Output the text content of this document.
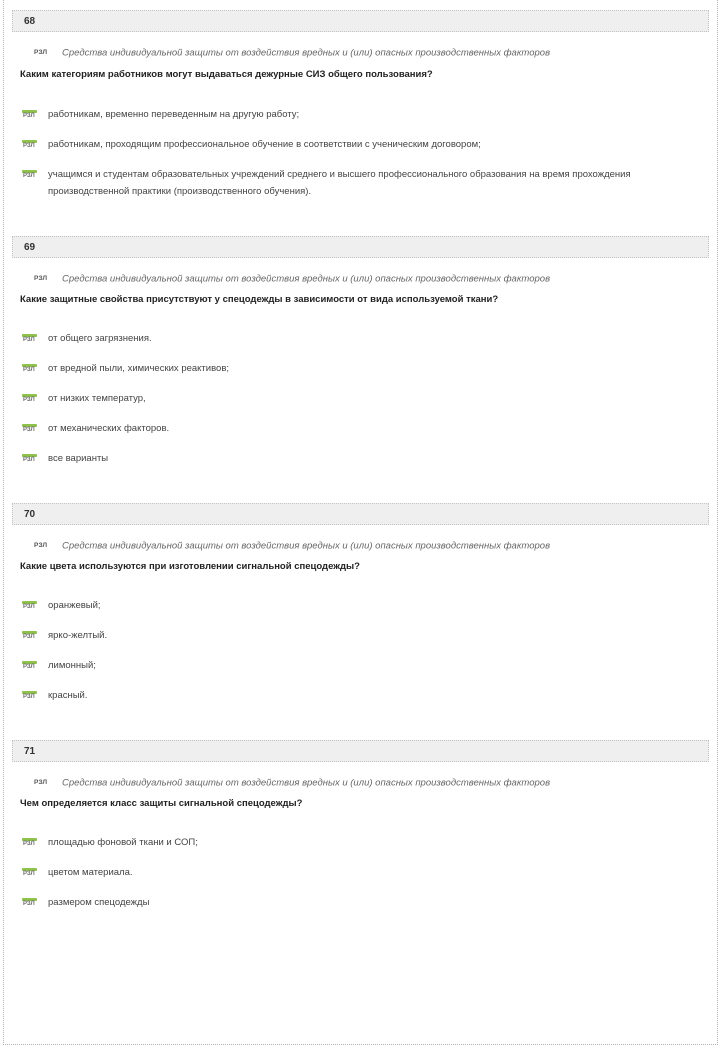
68
РЗЛ Средства индивидуальной защиты от воздействия вредных и (или) опасных производственных факторов
Каким категориям работников могут выдаваться дежурные СИЗ общего пользования?
РЗЛ работникам, временно переведенным на другую работу;
РЗЛ работникам, проходящим профессиональное обучение в соответствии с ученическим договором;
РЗЛ учащимся и студентам образовательных учреждений среднего и высшего профессионального образования на время прохождения производственной практики (производственного обучения).
69
РЗЛ Средства индивидуальной защиты от воздействия вредных и (или) опасных производственных факторов
Какие защитные свойства присутствуют у спецодежды в зависимости от вида используемой ткани?
РЗЛ от общего загрязнения.
РЗЛ от вредной пыли, химических реактивов;
РЗЛ от низких температур,
РЗЛ от механических факторов.
РЗЛ все варианты
70
РЗЛ Средства индивидуальной защиты от воздействия вредных и (или) опасных производственных факторов
Какие цвета используются при изготовлении сигнальной спецодежды?
РЗЛ оранжевый;
РЗЛ ярко-желтый.
РЗЛ лимонный;
РЗЛ красный.
71
РЗЛ Средства индивидуальной защиты от воздействия вредных и (или) опасных производственных факторов
Чем определяется класс защиты сигнальной спецодежды?
РЗЛ площадью фоновой ткани и СОП;
РЗЛ цветом материала.
РЗЛ размером спецодежды
